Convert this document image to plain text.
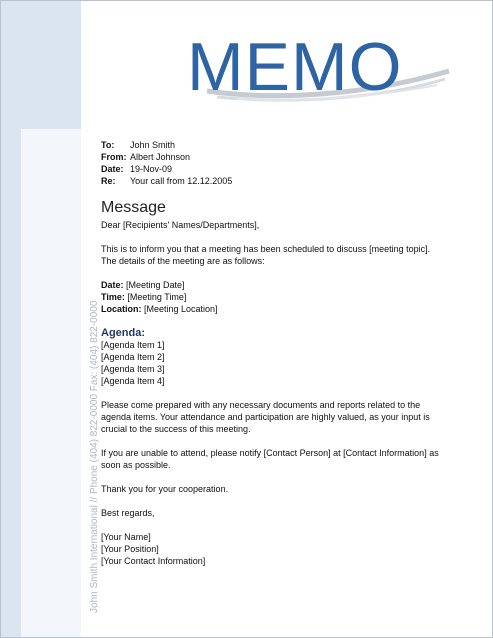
John Smith International // Phone (404) 822-0000 Fax: (404) 822-0000
MEMO
To:	John Smith
From: Albert Johnson
Date: 19-Nov-09
Re:	Your call from 12.12.2005
Message

Dear [Recipients' Names/Departments],

This is to inform you that a meeting has been scheduled to discuss [meeting topic]. The details of the meeting are as follows:

Date: [Meeting Date]
Time: [Meeting Time]
Location: [Meeting Location]

Agenda:

[Agenda Item 1]
[Agenda Item 2]
[Agenda Item 3]
[Agenda Item 4]

Please come prepared with any necessary documents and reports related to the agenda items. Your attendance and participation are highly valued, as your input is crucial to the success of this meeting.

If you are unable to attend, please notify [Contact Person] at [Contact Information] as soon as possible.

Thank you for your cooperation.

Best regards,

[Your Name]
[Your Position]
[Your Contact Information]
